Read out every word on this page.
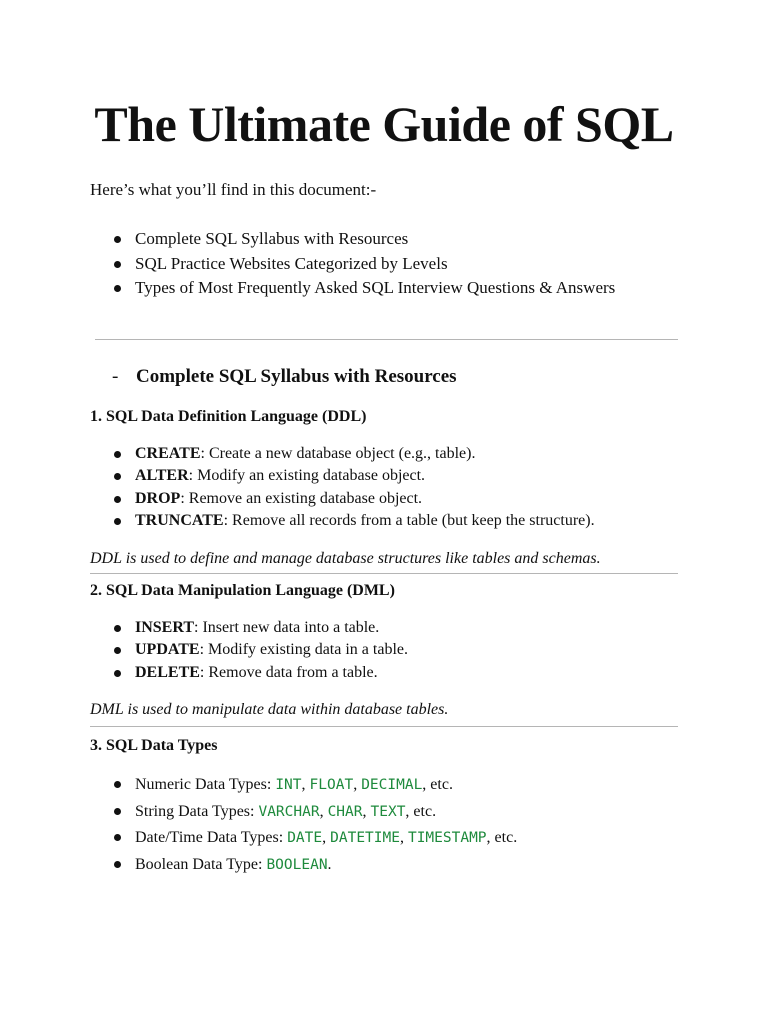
The Ultimate Guide of SQL

Here’s what you’ll find in this document:-

Complete SQL Syllabus with Resources
SQL Practice Websites Categorized by Levels
Types of Most Frequently Asked SQL Interview Questions & Answers
- Complete SQL Syllabus with Resources
1. SQL Data Definition Language (DDL)
CREATE: Create a new database object (e.g., table).
ALTER: Modify an existing database object.
DROP: Remove an existing database object.
TRUNCATE: Remove all records from a table (but keep the structure).

DDL is used to define and manage database structures like tables and schemas.

2. SQL Data Manipulation Language (DML)
INSERT: Insert new data into a table.
UPDATE: Modify existing data in a table.
DELETE: Remove data from a table.

DML is used to manipulate data within database tables.

3. SQL Data Types
Numeric Data Types: INT, FLOAT, DECIMAL, etc.
String Data Types: VARCHAR, CHAR, TEXT, etc.
Date/Time Data Types: DATE, DATETIME, TIMESTAMP, etc.
Boolean Data Type: BOOLEAN.
